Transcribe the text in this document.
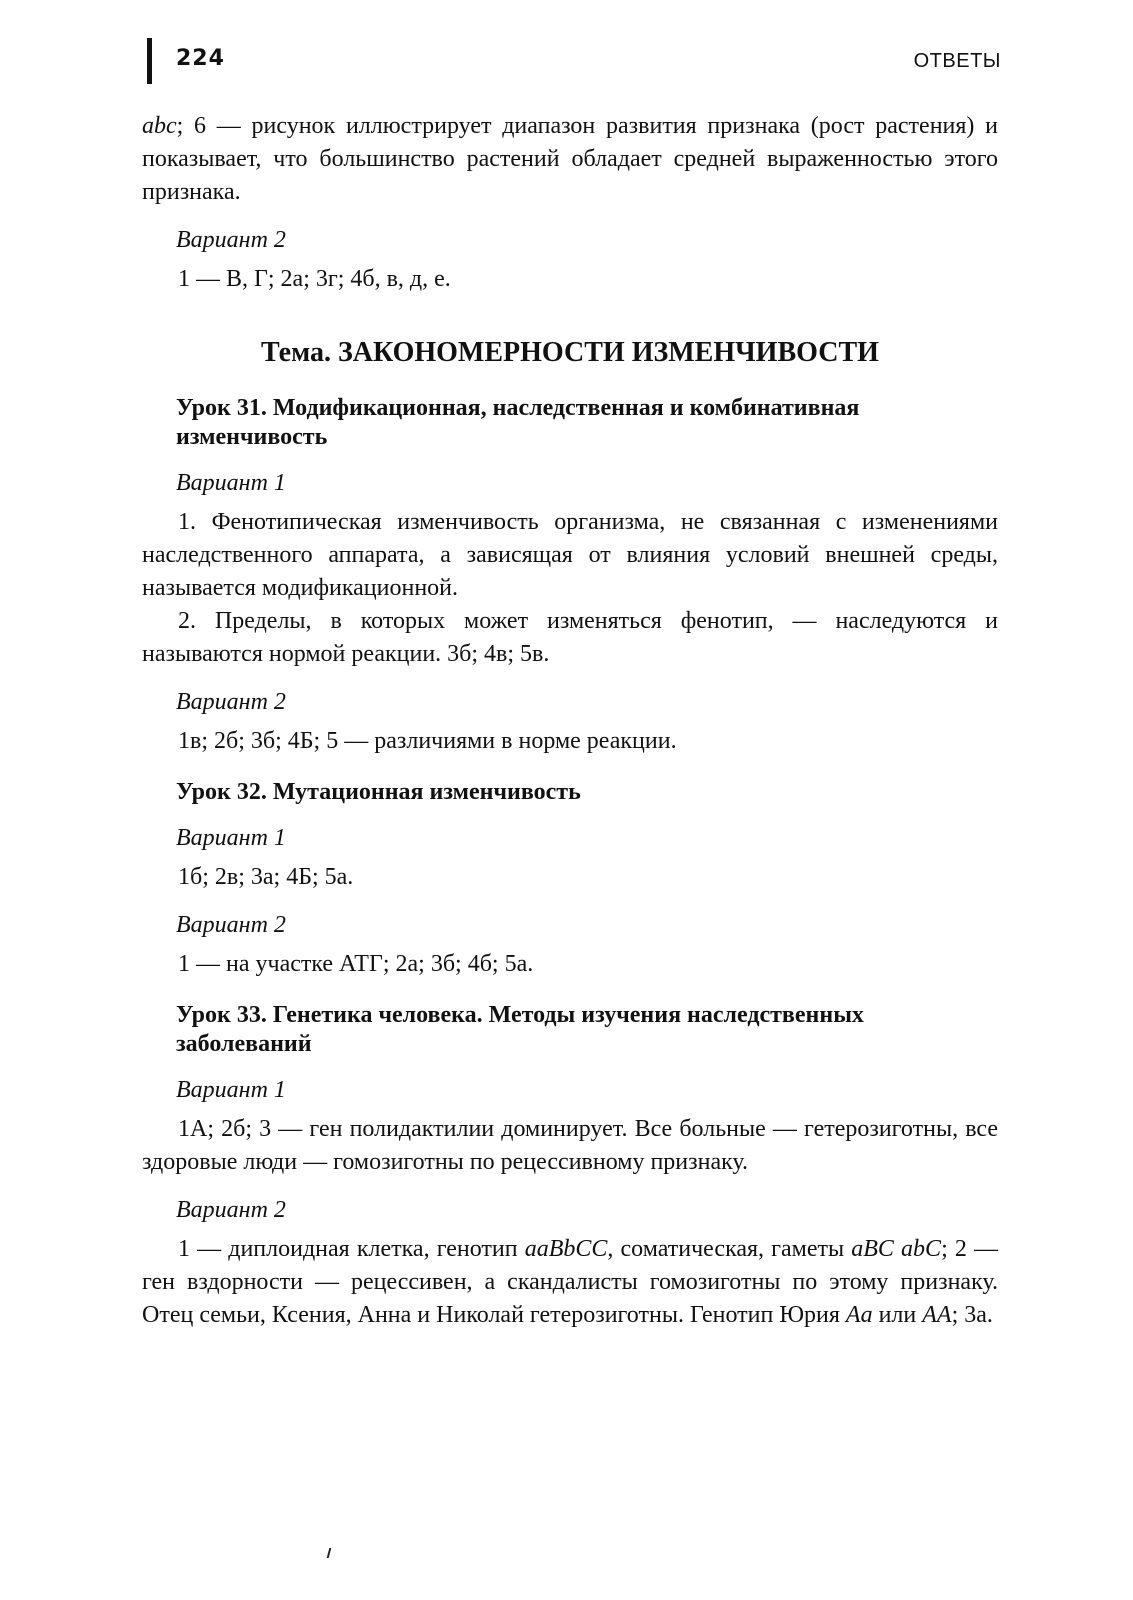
224	ОТВЕТЫ

abc; 6 — рисунок иллюстрирует диапазон развития признака (рост растения) и показывает, что большинство растений обладает средней выраженностью этого признака.

Вариант 2

1 — В, Г; 2а; 3г; 4б, в, д, е.

Тема. ЗАКОНОМЕРНОСТИ ИЗМЕНЧИВОСТИ
Урок 31. Модификационная, наследственная и комбинативная изменчивость
Вариант 1

1. Фенотипическая изменчивость организма, не связанная с изменениями наследственного аппарата, а зависящая от влияния условий внешней среды, называется модификационной.

2. Пределы, в которых может изменяться фенотип, — наследуются и называются нормой реакции. 3б; 4в; 5в.

Вариант 2

1в; 2б; 3б; 4Б; 5 — различиями в норме реакции.

Урок 32. Мутационная изменчивость
Вариант 1

1б; 2в; 3а; 4Б; 5а.

Вариант 2

1 — на участке АТГ; 2а; 3б; 4б; 5а.

Урок 33. Генетика человека. Методы изучения наследственных заболеваний
Вариант 1

1А; 2б; 3 — ген полидактилии доминирует. Все больные — гетерозиготны, все здоровые люди — гомозиготны по рецессивному признаку.

Вариант 2

1 — диплоидная клетка, генотип aaBbCC, соматическая, гаметы aBC abC; 2 — ген вздорности — рецессивен, а скандалисты гомозиготны по этому признаку. Отец семьи, Ксения, Анна и Николай гетерозиготны. Генотип Юрия Aa или AA; 3а.
